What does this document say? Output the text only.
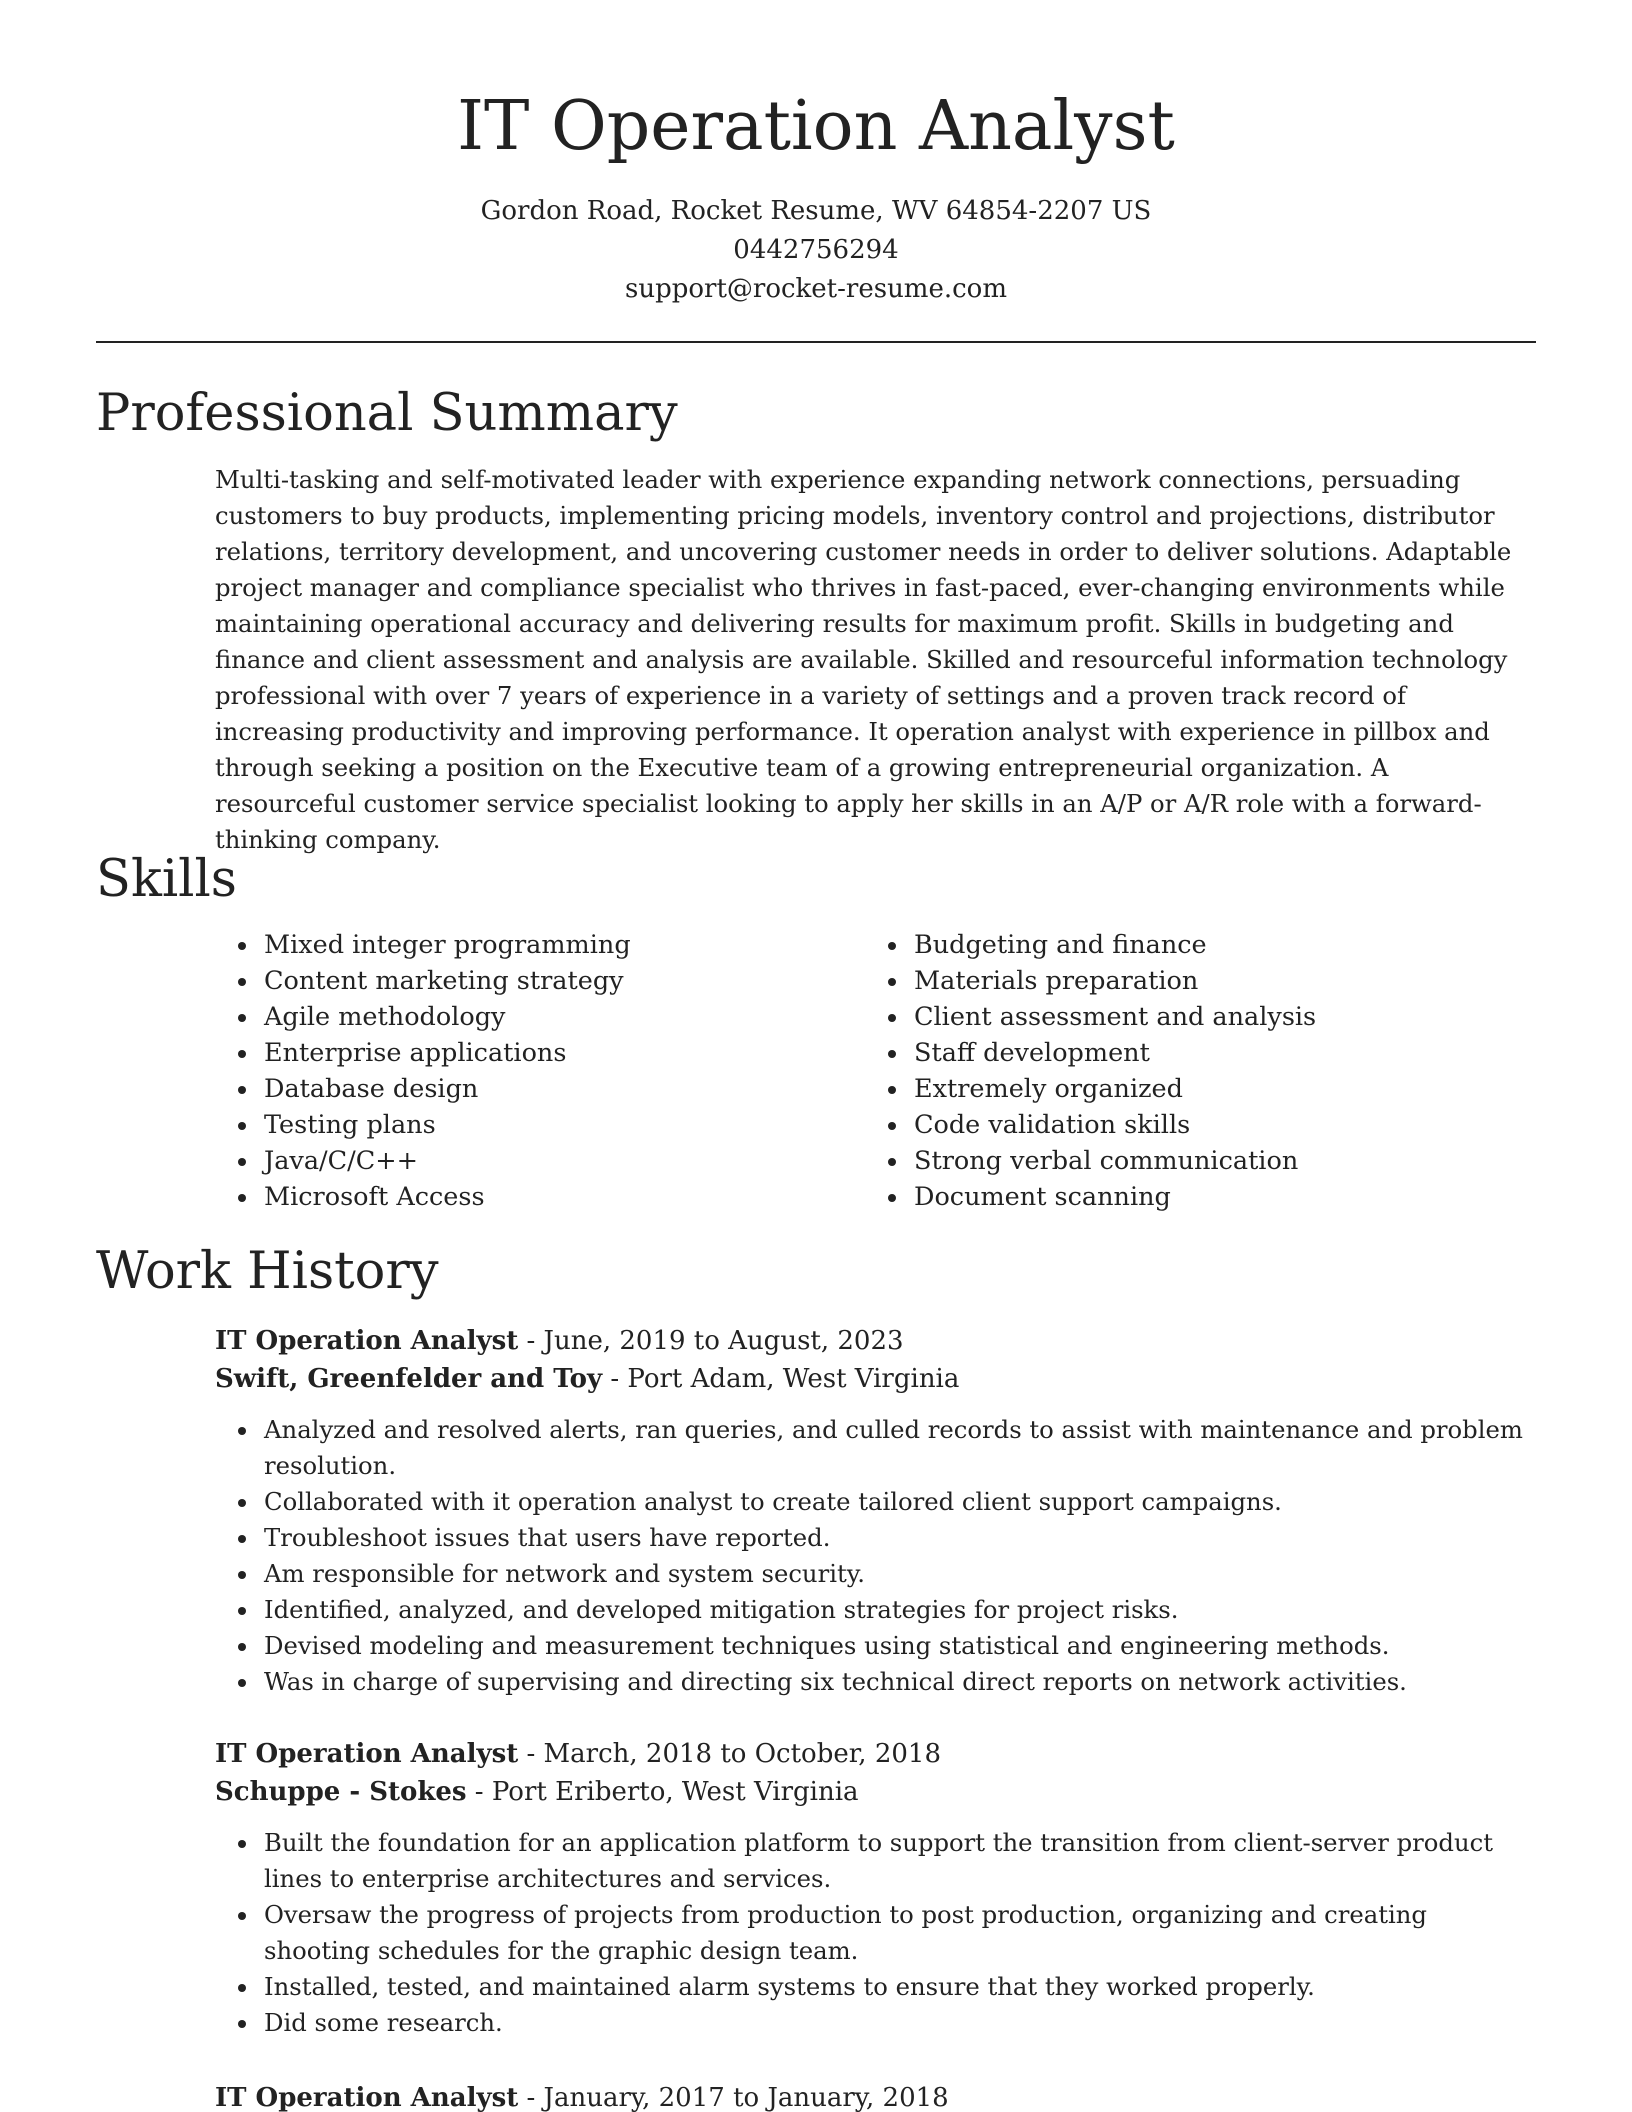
IT Operation Analyst
Gordon Road, Rocket Resume, WV 64854-2207 US
0442756294
support@rocket-resume.com
Professional Summary

Multi-tasking and self-motivated leader with experience expanding network connections, persuading customers to buy products, implementing pricing models, inventory control and projections, distributor relations, territory development, and uncovering customer needs in order to deliver solutions. Adaptable project manager and compliance specialist who thrives in fast-paced, ever-changing environments while maintaining operational accuracy and delivering results for maximum profit. Skills in budgeting and finance and client assessment and analysis are available. Skilled and resourceful information technology professional with over 7 years of experience in a variety of settings and a proven track record of increasing productivity and improving performance. It operation analyst with experience in pillbox and through seeking a position on the Executive team of a growing entrepreneurial organization. A resourceful customer service specialist looking to apply her skills in an A/P or A/R role with a forward-thinking company.

Skills
• Mixed integer programming
• Content marketing strategy
• Agile methodology
• Enterprise applications
• Database design
• Testing plans
• Java/C/C++
• Microsoft Access
• Budgeting and finance
• Materials preparation
• Client assessment and analysis
• Staff development
• Extremely organized
• Code validation skills
• Strong verbal communication
• Document scanning
Work History
IT Operation Analyst - June, 2019 to August, 2023
Swift, Greenfelder and Toy - Port Adam, West Virginia
• Analyzed and resolved alerts, ran queries, and culled records to assist with maintenance and problem resolution.
• Collaborated with it operation analyst to create tailored client support campaigns.
• Troubleshoot issues that users have reported.
• Am responsible for network and system security.
• Identified, analyzed, and developed mitigation strategies for project risks.
• Devised modeling and measurement techniques using statistical and engineering methods.
• Was in charge of supervising and directing six technical direct reports on network activities.
IT Operation Analyst - March, 2018 to October, 2018
Schuppe - Stokes - Port Eriberto, West Virginia
• Built the foundation for an application platform to support the transition from client-server product lines to enterprise architectures and services.
• Oversaw the progress of projects from production to post production, organizing and creating shooting schedules for the graphic design team.
• Installed, tested, and maintained alarm systems to ensure that they worked properly.
• Did some research.
IT Operation Analyst - January, 2017 to January, 2018
